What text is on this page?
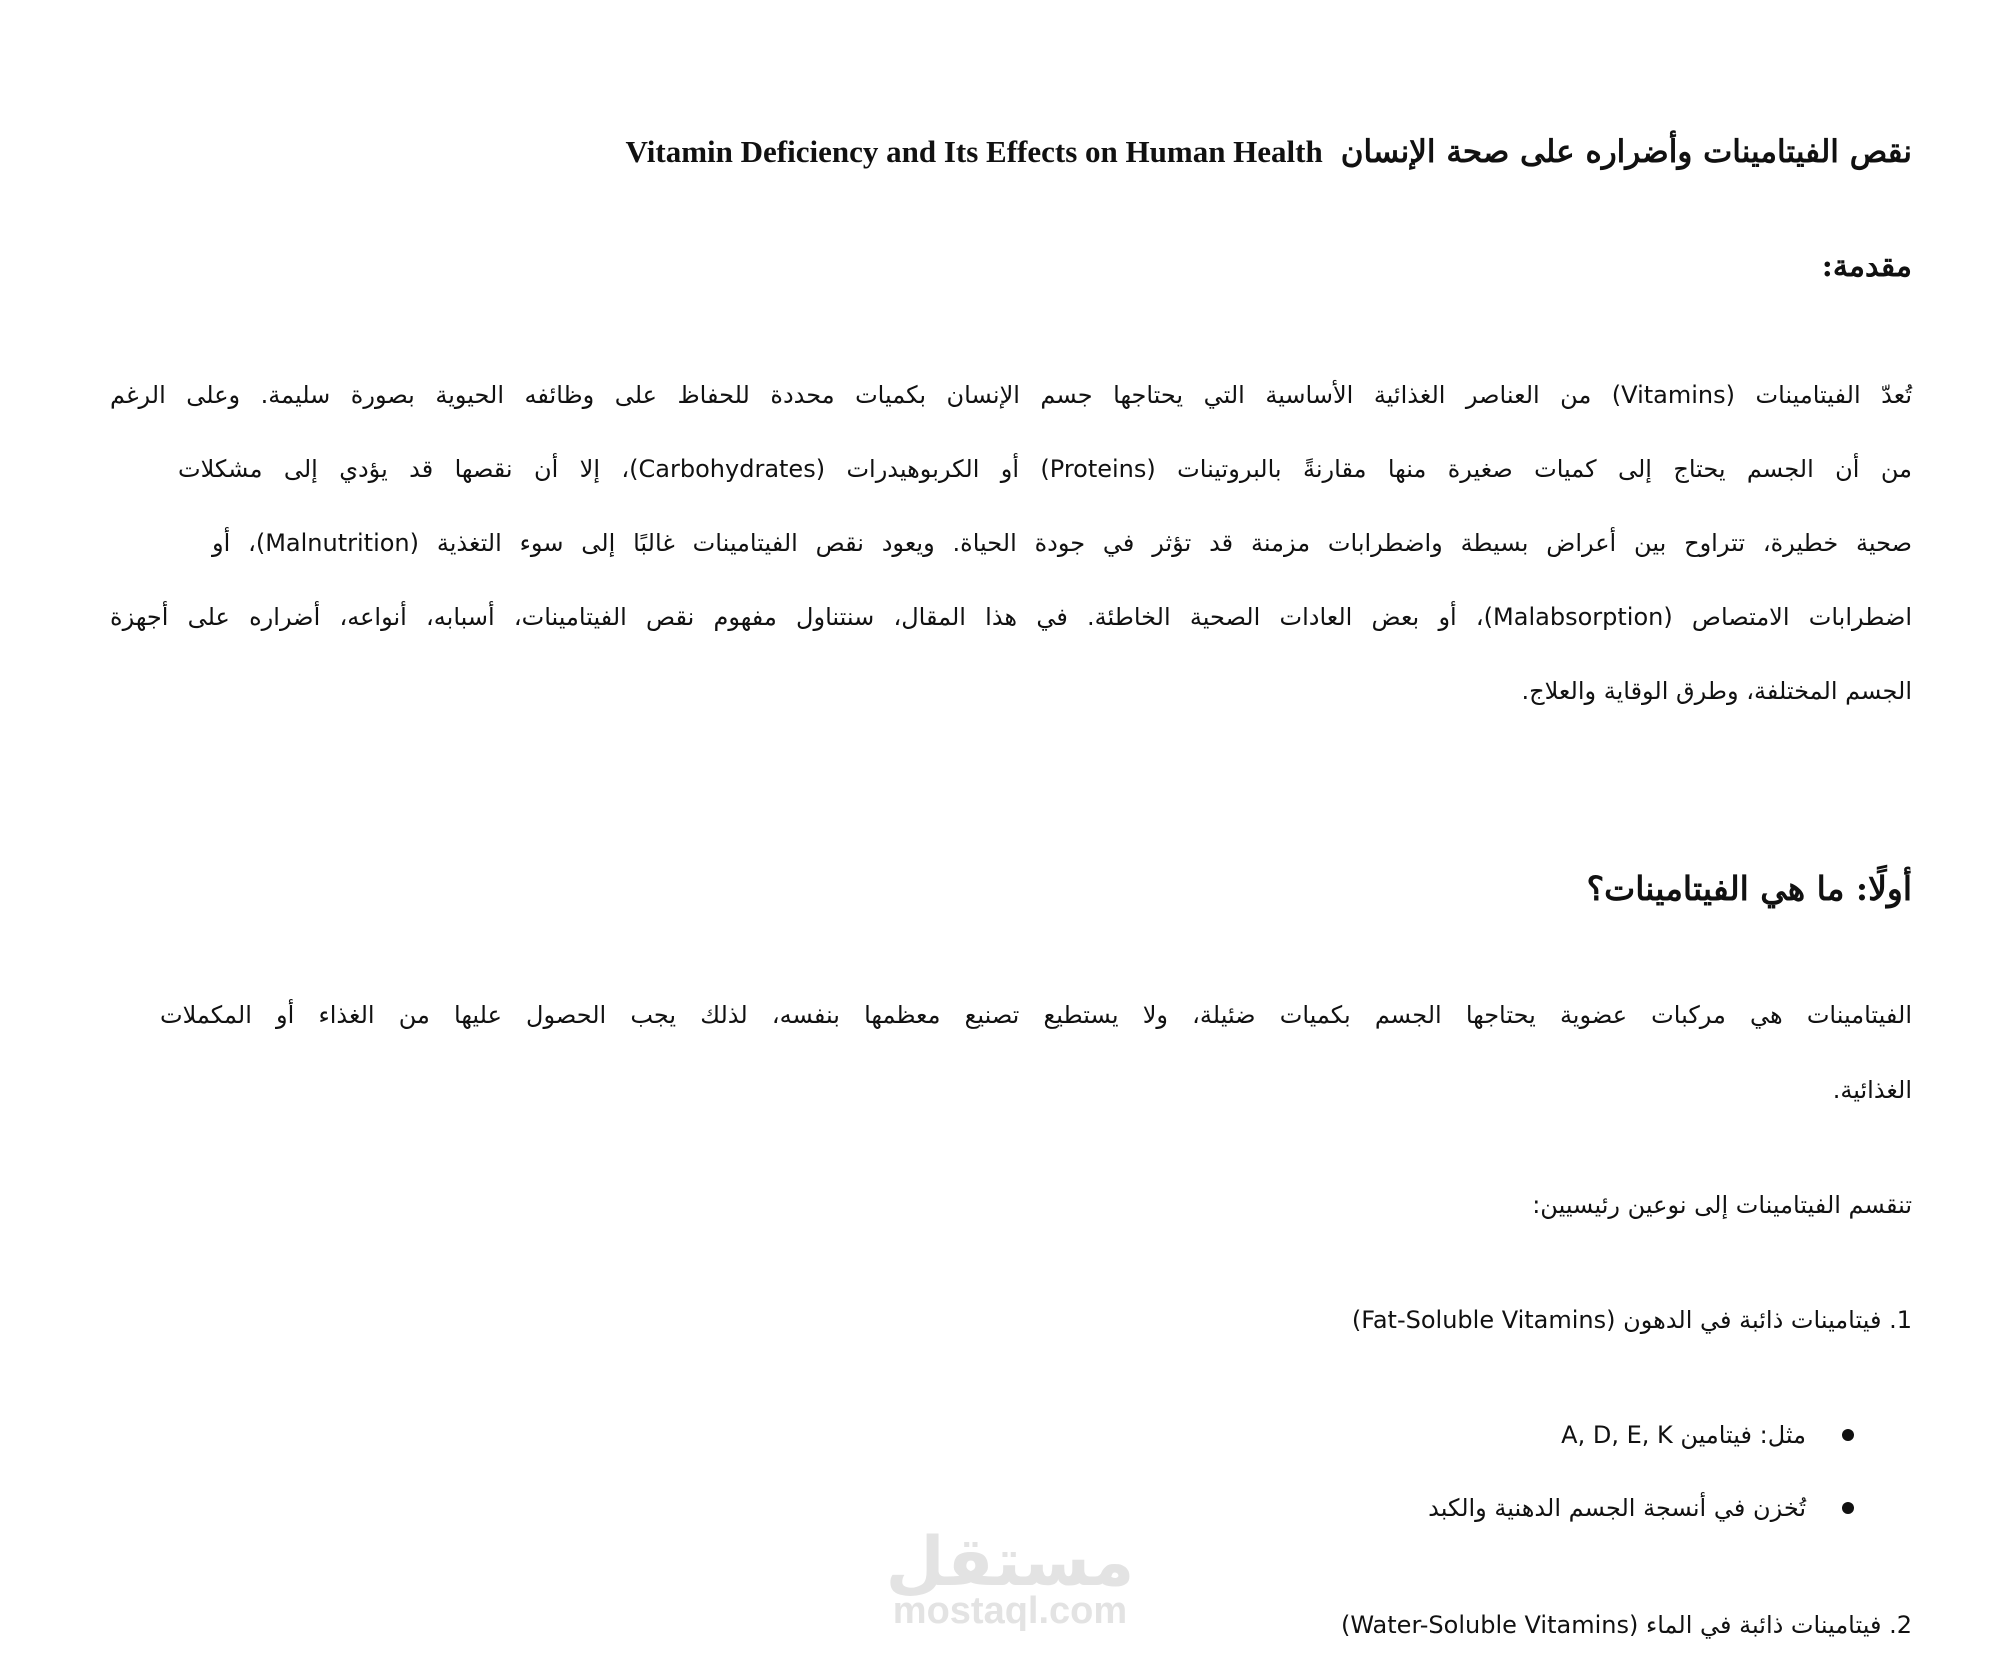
نقص الفيتامينات وأضراره على صحة الإنسانVitamin Deficiency and Its Effects on Human Health
مقدمة:
تُعدّ الفيتامينات (Vitamins) من العناصر الغذائية الأساسية التي يحتاجها جسم الإنسان بكميات محددة للحفاظ على وظائفه الحيوية بصورة سليمة. وعلى الرغم
من أن الجسم يحتاج إلى كميات صغيرة منها مقارنةً بالبروتينات (Proteins) أو الكربوهيدرات (Carbohydrates)، إلا أن نقصها قد يؤدي إلى مشكلات
صحية خطيرة، تتراوح بين أعراض بسيطة واضطرابات مزمنة قد تؤثر في جودة الحياة. ويعود نقص الفيتامينات غالبًا إلى سوء التغذية (Malnutrition)، أو
اضطرابات الامتصاص (Malabsorption)، أو بعض العادات الصحية الخاطئة. في هذا المقال، سنتناول مفهوم نقص الفيتامينات، أسبابه، أنواعه، أضراره على أجهزة
الجسم المختلفة، وطرق الوقاية والعلاج.
أولًا: ما هي الفيتامينات؟
الفيتامينات هي مركبات عضوية يحتاجها الجسم بكميات ضئيلة، ولا يستطيع تصنيع معظمها بنفسه، لذلك يجب الحصول عليها من الغذاء أو المكملات
الغذائية.
تنقسم الفيتامينات إلى نوعين رئيسيين:
1. فيتامينات ذائبة في الدهون (Fat-Soluble Vitamins)
مثل: فيتامين A, D, E, K
تُخزن في أنسجة الجسم الدهنية والكبد
2. فيتامينات ذائبة في الماء (Water-Soluble Vitamins)
مستقل
mostaql.com
